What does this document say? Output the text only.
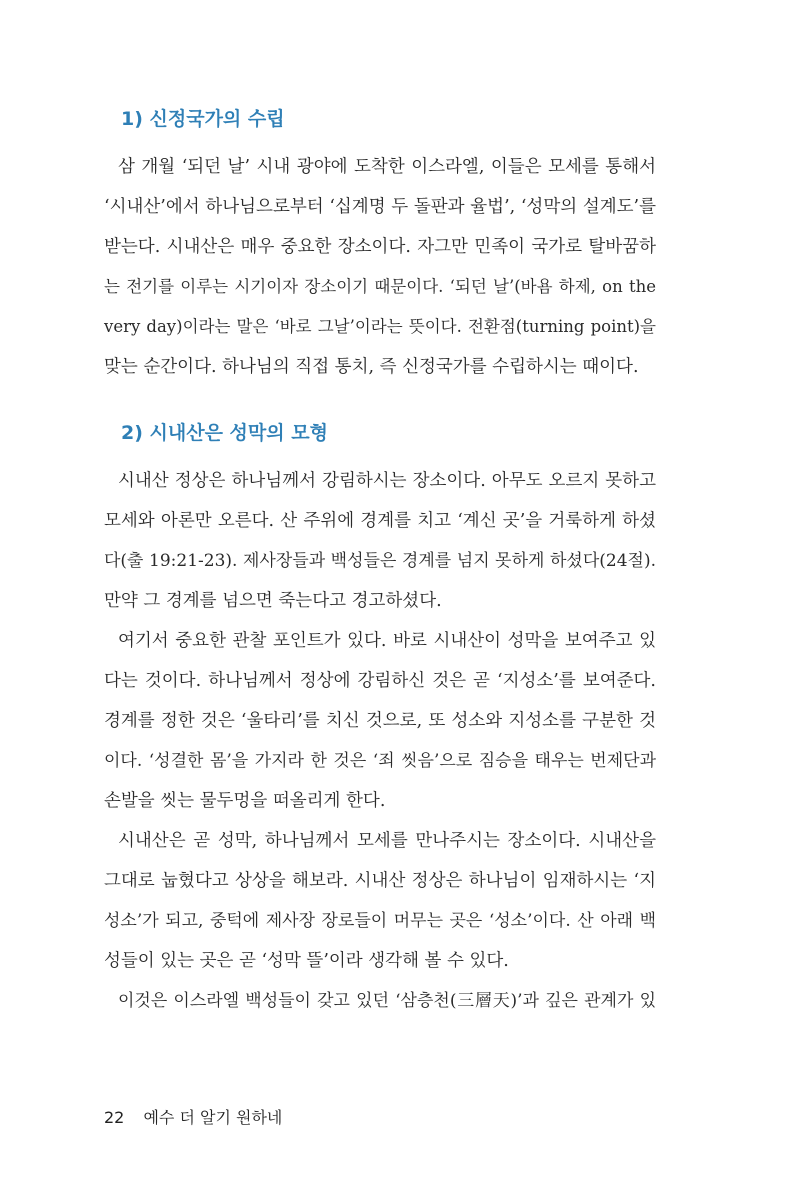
1) 신정국가의 수립

삼 개월 ‘되던 날’ 시내 광야에 도착한 이스라엘, 이들은 모세를 통해서

‘시내산’에서 하나님으로부터 ‘십계명 두 돌판과 율법’, ‘성막의 설계도’를

받는다. 시내산은 매우 중요한 장소이다. 자그만 민족이 국가로 탈바꿈하

는 전기를 이루는 시기이자 장소이기 때문이다. ‘되던 날’(바욤 하제, on the

very day)이라는 말은 ‘바로 그날’이라는 뜻이다. 전환점(turning point)을

맞는 순간이다. 하나님의 직접 통치, 즉 신정국가를 수립하시는 때이다.

2) 시내산은 성막의 모형

시내산 정상은 하나님께서 강림하시는 장소이다. 아무도 오르지 못하고

모세와 아론만 오른다. 산 주위에 경계를 치고 ‘계신 곳’을 거룩하게 하셨

다(출 19:21-23). 제사장들과 백성들은 경계를 넘지 못하게 하셨다(24절).

만약 그 경계를 넘으면 죽는다고 경고하셨다.

여기서 중요한 관찰 포인트가 있다. 바로 시내산이 성막을 보여주고 있

다는 것이다. 하나님께서 정상에 강림하신 것은 곧 ‘지성소’를 보여준다.

경계를 정한 것은 ‘울타리’를 치신 것으로, 또 성소와 지성소를 구분한 것

이다. ‘성결한 몸’을 가지라 한 것은 ‘죄 씻음’으로 짐승을 태우는 번제단과

손발을 씻는 물두멍을 떠올리게 한다.

시내산은 곧 성막, 하나님께서 모세를 만나주시는 장소이다. 시내산을

그대로 눕혔다고 상상을 해보라. 시내산 정상은 하나님이 임재하시는 ‘지

성소’가 되고, 중턱에 제사장 장로들이 머무는 곳은 ‘성소’이다. 산 아래 백

성들이 있는 곳은 곧 ‘성막 뜰’이라 생각해 볼 수 있다.

이것은 이스라엘 백성들이 갖고 있던 ‘삼층천(三層天)’과 깊은 관계가 있

22 예수 더 알기 원하네
